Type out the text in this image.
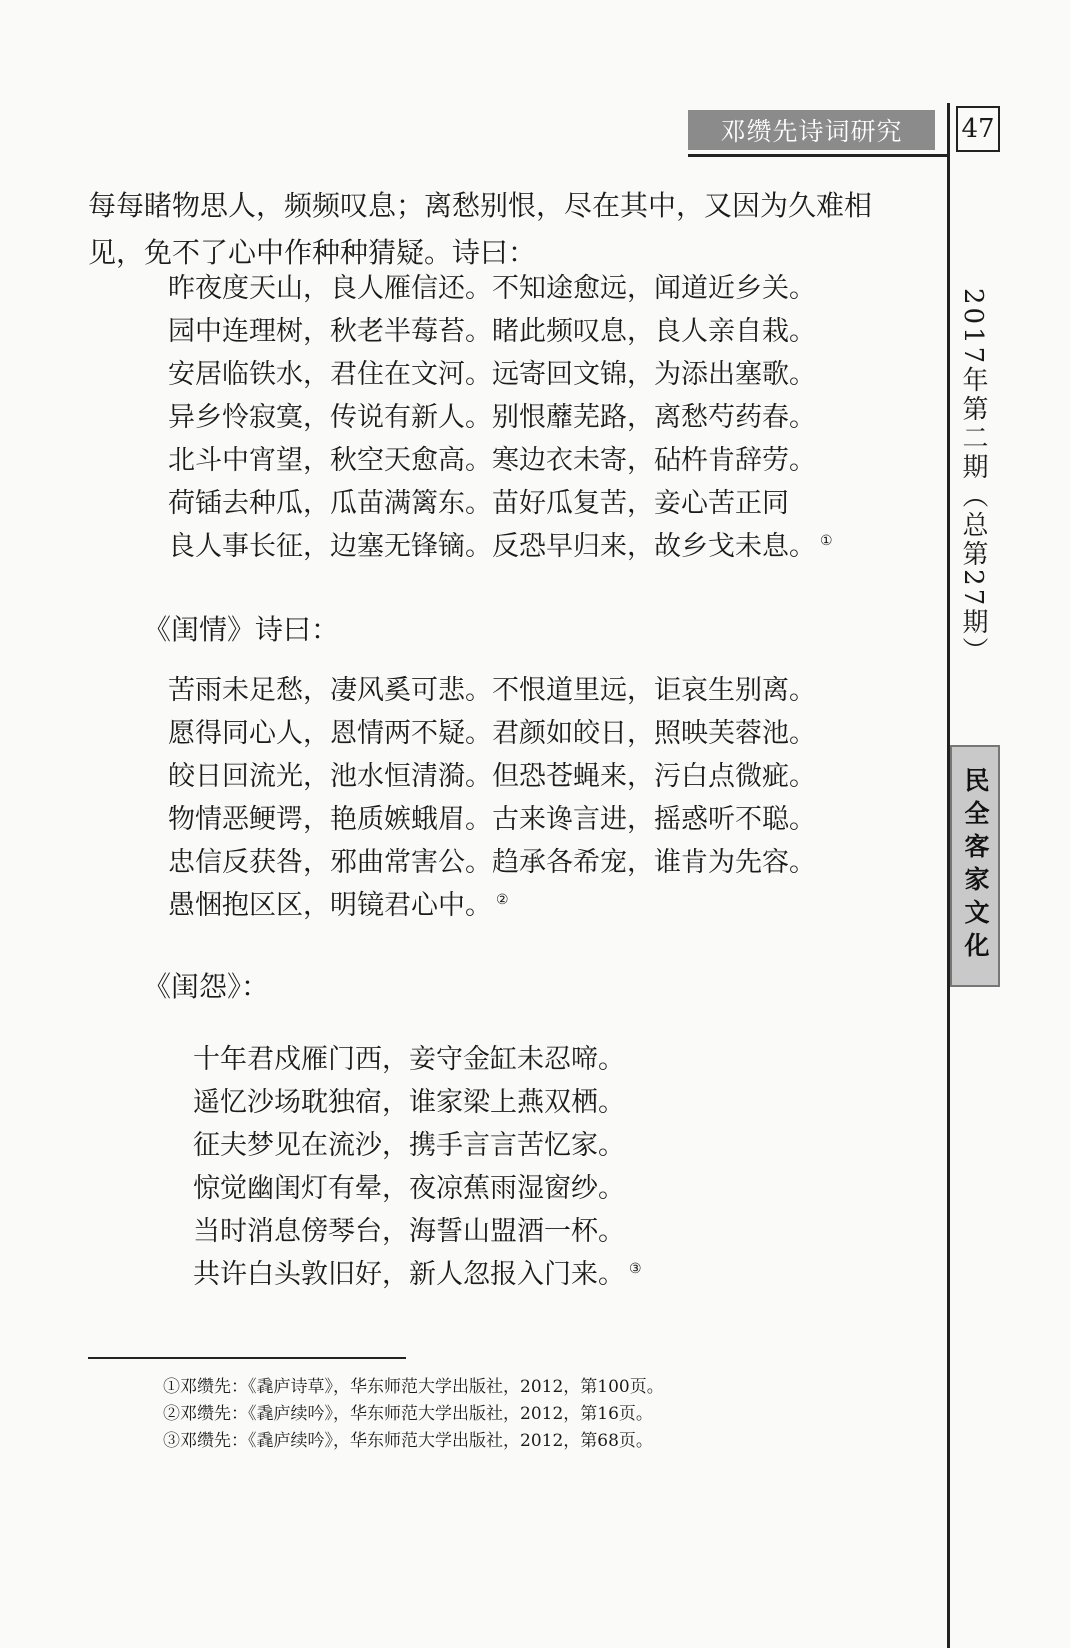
邓缵先诗词研究	47
2017年第二期（总第27期）
民全客家文化

每每睹物思人，频频叹息；离愁别恨，尽在其中，又因为久难相见，免不了心中作种种猜疑。诗曰：

昨夜度天山，良人雁信还。不知途愈远，闻道近乡关。
园中连理树，秋老半莓苔。睹此频叹息，良人亲自栽。
安居临铁水，君住在文河。远寄回文锦，为添出塞歌。
异乡怜寂寞，传说有新人。别恨蘼芜路，离愁芍药春。
北斗中宵望，秋空天愈高。寒边衣未寄，砧杵肯辞劳。
荷锸去种瓜，瓜苗满篱东。苗好瓜复苦，妾心苦正同
良人事长征，边塞无锋镝。反恐早归来，故乡戈未息。 ①
《闺情》诗曰：
苦雨未足愁，凄风奚可悲。不恨道里远，讵哀生别离。
愿得同心人，恩情两不疑。君颜如皎日，照映芙蓉池。
皎日回流光，池水恒清漪。但恐苍蝇来，污白点微疵。
物情恶鲠谔，艳质嫉蛾眉。古来谗言进，摇惑听不聪。
忠信反获咎，邪曲常害公。趋承各希宠，谁肯为先容。
愚悃抱区区，明镜君心中。 ②
《闺怨》：
十年君戍雁门西，妾守金缸未忍啼。
遥忆沙场耽独宿，谁家梁上燕双栖。
征夫梦见在流沙，携手言言苦忆家。
惊觉幽闺灯有晕，夜凉蕉雨湿窗纱。
当时消息傍琴台，海誓山盟酒一杯。
共许白头敦旧好，新人忽报入门来。 ③
①邓缵先：《毳庐诗草》，华东师范大学出版社，2012，第100页。
②邓缵先：《毳庐续吟》，华东师范大学出版社，2012，第16页。
③邓缵先：《毳庐续吟》，华东师范大学出版社，2012，第68页。
